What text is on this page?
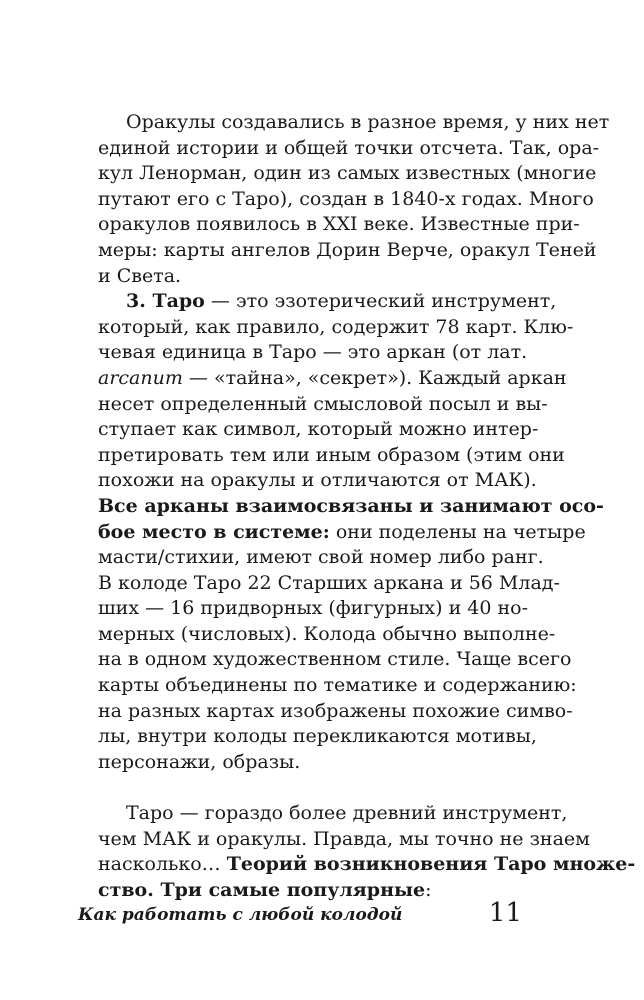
Оракулы создавались в разное время, у них нет
единой истории и общей точки отсчета. Так, ора-
кул Ленорман, один из самых известных (многие
путают его с Таро), создан в 1840-х годах. Много
оракулов появилось в XXI веке. Известные при-
меры: карты ангелов Дорин Верче, оракул Теней
и Света.
3. Таро — это эзотерический инструмент,
который, как правило, содержит 78 карт. Клю-
чевая единица в Таро — это аркан (от лат.
arcanum — «тайна», «секрет»). Каждый аркан
несет определенный смысловой посыл и вы-
ступает как символ, который можно интер-
претировать тем или иным образом (этим они
похожи на оракулы и отличаются от МАК).
Все арканы взаимосвязаны и занимают осо-
бое место в системе: они поделены на четыре
масти/стихии, имеют свой номер либо ранг.
В колоде Таро 22 Старших аркана и 56 Млад-
ших — 16 придворных (фигурных) и 40 но-
мерных (числовых). Колода обычно выполне-
на в одном художественном стиле. Чаще всего
карты объединены по тематике и содержанию:
на разных картах изображены похожие симво-
лы, внутри колоды перекликаются мотивы,
персонажи, образы.
Таро — гораздо более древний инструмент,
чем МАК и оракулы. Правда, мы точно не знаем
насколько… Теорий возникновения Таро множе-
ство. Три самые популярные:
Как работать с любой колодой	11
